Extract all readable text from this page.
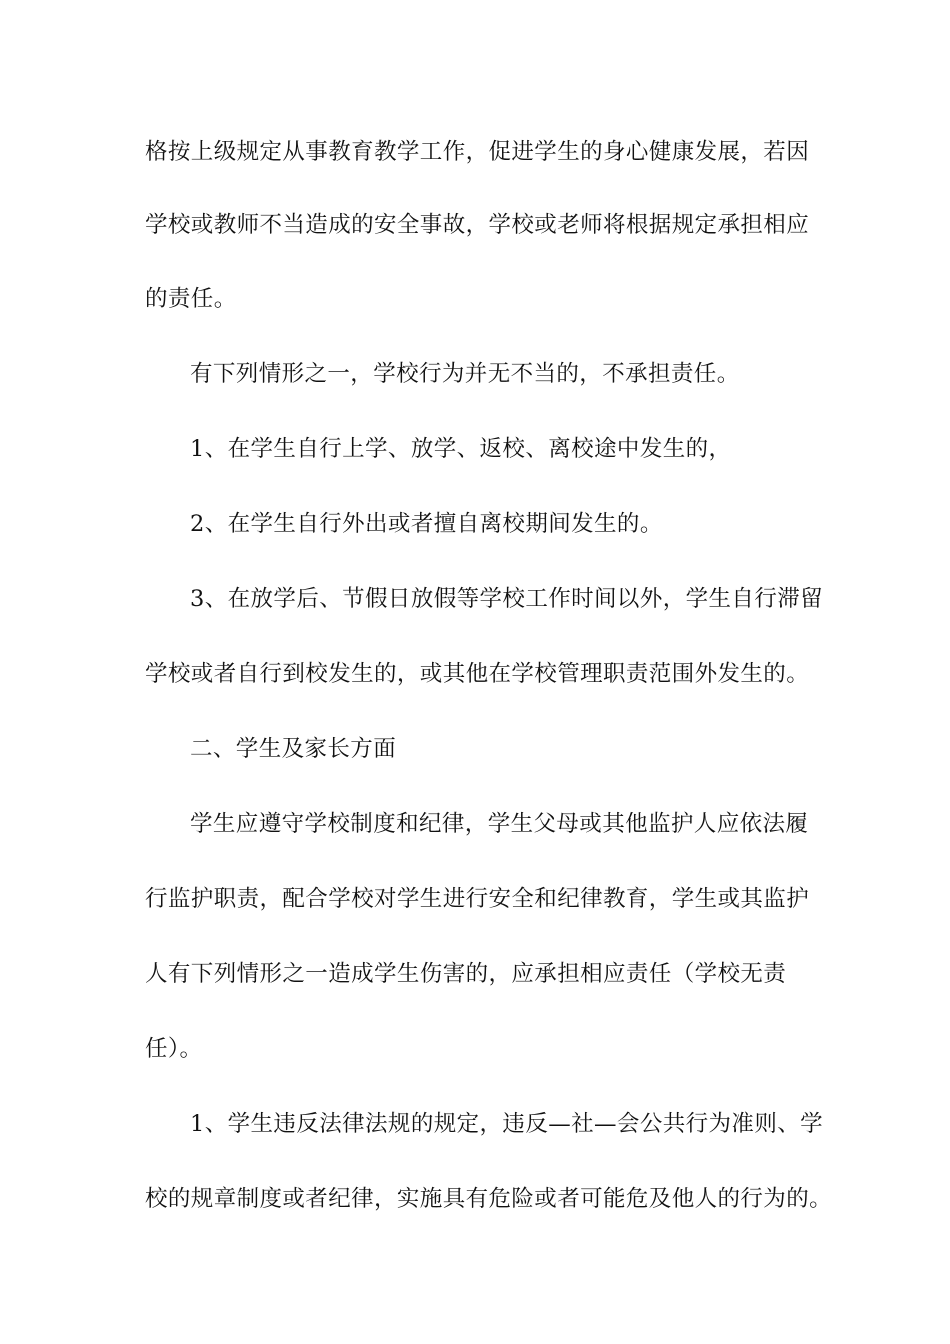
格按上级规定从事教育教学工作，促进学生的身心健康发展，若因
学校或教师不当造成的安全事故，学校或老师将根据规定承担相应
的责任。
有下列情形之一，学校行为并无不当的，不承担责任。
1、在学生自行上学、放学、返校、离校途中发生的，
2、在学生自行外出或者擅自离校期间发生的。
3、在放学后、节假日放假等学校工作时间以外，学生自行滞留
学校或者自行到校发生的，或其他在学校管理职责范围外发生的。
二、学生及家长方面
学生应遵守学校制度和纪律，学生父母或其他监护人应依法履
行监护职责，配合学校对学生进行安全和纪律教育，学生或其监护
人有下列情形之一造成学生伤害的，应承担相应责任（学校无责
任）。
1、学生违反法律法规的规定，违反—社—会公共行为准则、学
校的规章制度或者纪律，实施具有危险或者可能危及他人的行为的。
